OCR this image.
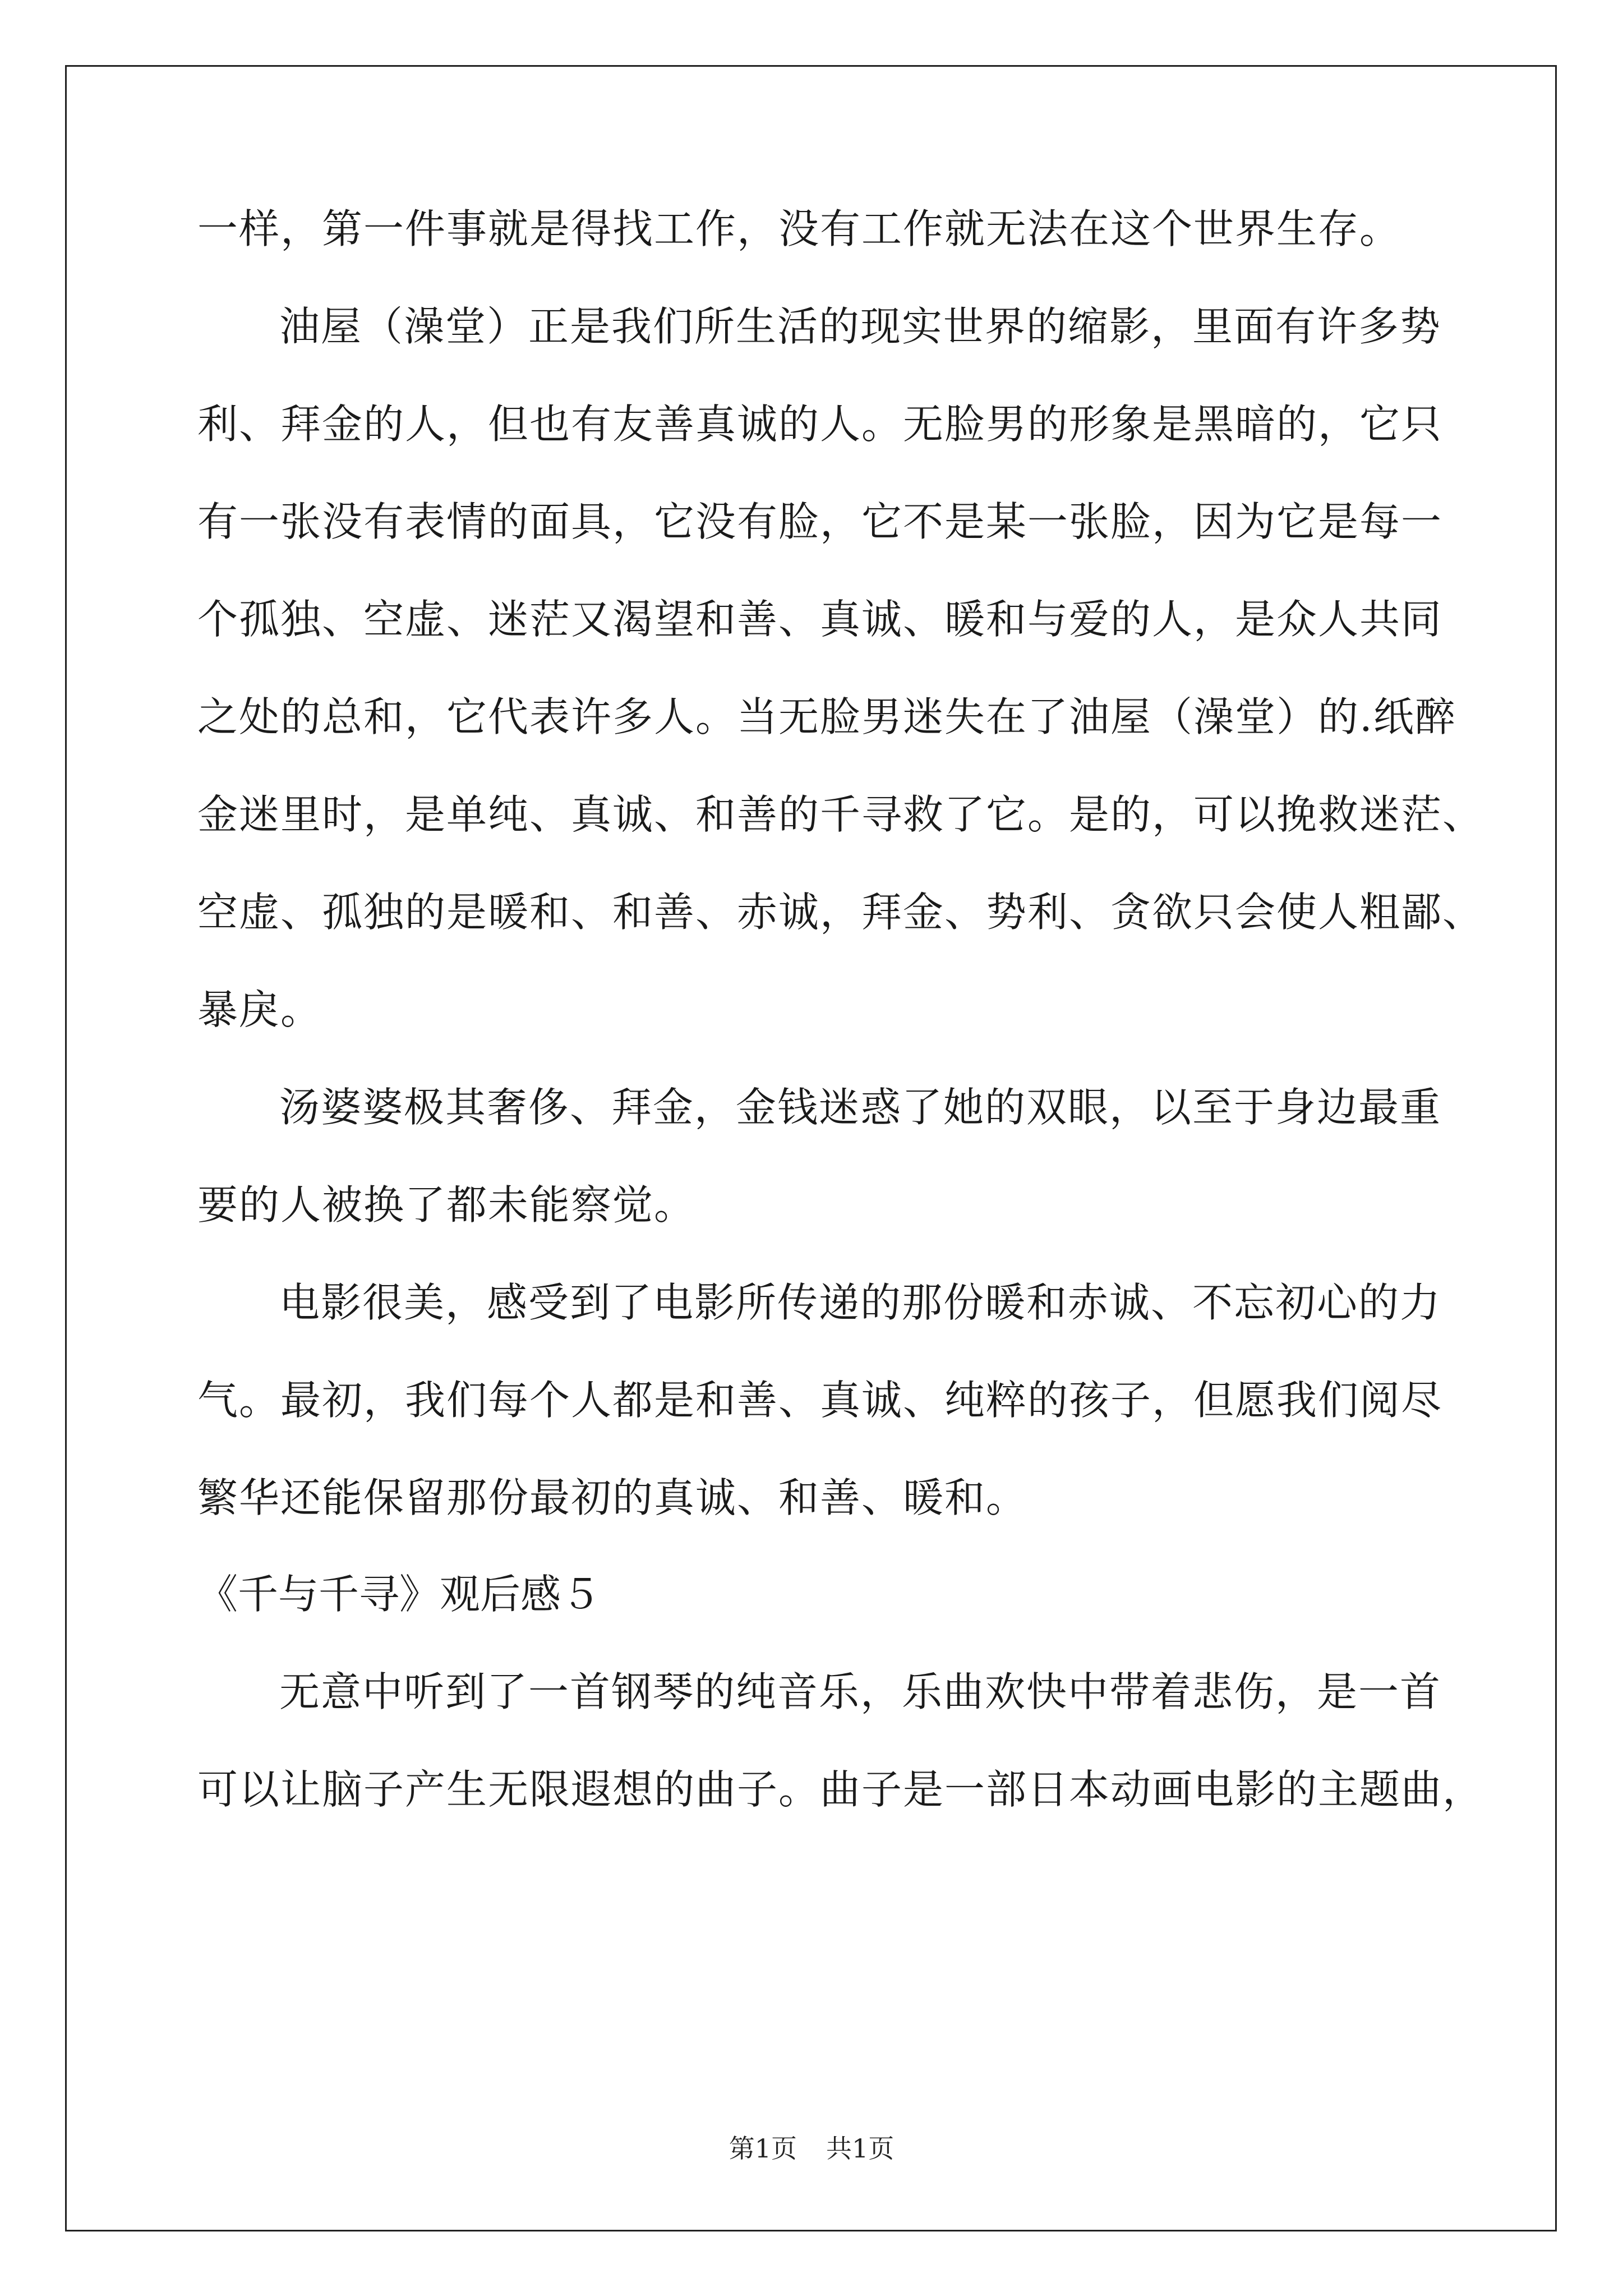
一样，第一件事就是得找工作，没有工作就无法在这个世界生存。
油屋（澡堂）正是我们所生活的现实世界的缩影，里面有许多势
利、拜金的人，但也有友善真诚的人。无脸男的形象是黑暗的，它只
有一张没有表情的面具，它没有脸，它不是某一张脸，因为它是每一
个孤独、空虚、迷茫又渴望和善、真诚、暖和与爱的人，是众人共同
之处的总和，它代表许多人。当无脸男迷失在了油屋（澡堂）的.纸醉
金迷里时，是单纯、真诚、和善的千寻救了它。是的，可以挽救迷茫、
空虚、孤独的是暖和、和善、赤诚，拜金、势利、贪欲只会使人粗鄙、
暴戾。
汤婆婆极其奢侈、拜金，金钱迷惑了她的双眼，以至于身边最重
要的人被换了都未能察觉。
电影很美，感受到了电影所传递的那份暖和赤诚、不忘初心的力
气。最初，我们每个人都是和善、真诚、纯粹的孩子，但愿我们阅尽
繁华还能保留那份最初的真诚、和善、暖和。
《千与千寻》观后感５
无意中听到了一首钢琴的纯音乐，乐曲欢快中带着悲伤，是一首
可以让脑子产生无限遐想的曲子。曲子是一部日本动画电影的主题曲，
第1页 共1页
